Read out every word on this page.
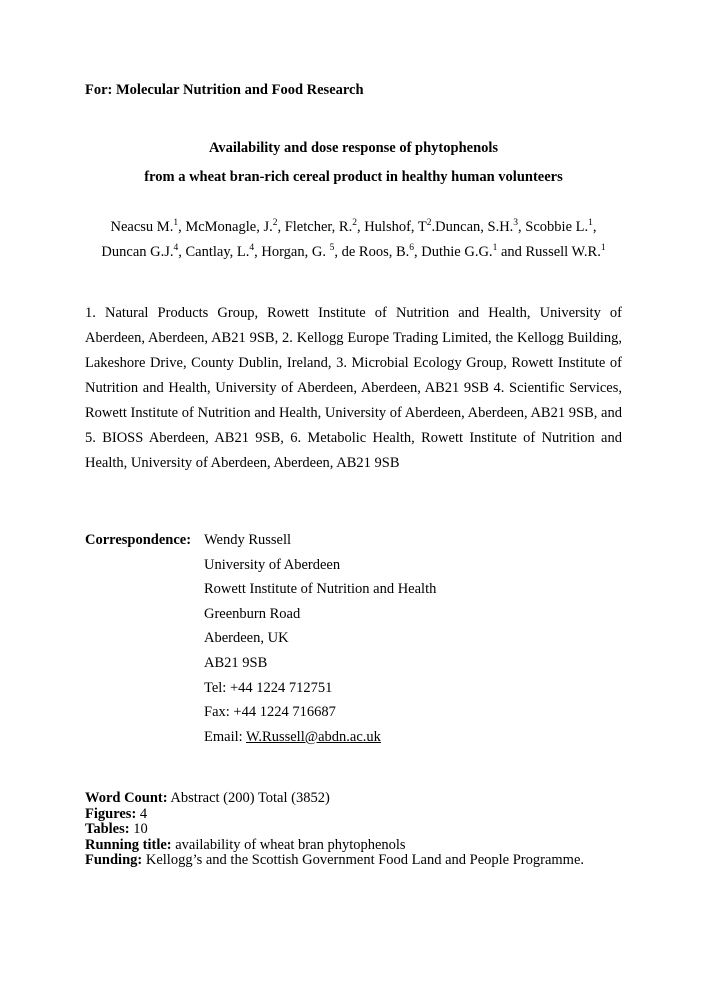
For: Molecular Nutrition and Food Research

Availability and dose response of phytophenols
from a wheat bran-rich cereal product in healthy human volunteers

Neacsu M.$^1$, McMonagle, J.$^2$, Fletcher, R.$^2$, Hulshof, $T^2.Duncan$, S.H.$^3$, Scobbie L.$^1$,
Duncan G.J.$^4$, Cantlay, L.$^4$, Horgan, G. $^5$, de Roos, B.$^6$, Duthie G.G.$^1$ and Russell W.R.$^1$

1. Natural Products Group, Rowett Institute of Nutrition and Health, University of Aberdeen, Aberdeen, AB21 9SB, 2. Kellogg Europe Trading Limited, the Kellogg Building, Lakeshore Drive, County Dublin, Ireland, 3. Microbial Ecology Group, Rowett Institute of Nutrition and Health, University of Aberdeen, Aberdeen, AB21 9SB 4. Scientific Services, Rowett Institute of Nutrition and Health, University of Aberdeen, Aberdeen, AB21 9SB, and 5. BIOSS Aberdeen, AB21 9SB, 6. Metabolic Health, Rowett Institute of Nutrition and Health, University of Aberdeen, Aberdeen, AB21 9SB

Correspondence: Wendy Russell
University of Aberdeen
Rowett Institute of Nutrition and Health
Greenburn Road
Aberdeen, UK
AB21 9SB
Tel: +44 1224 712751
Fax: +44 1224 716687
Email: W.Russell@abdn.ac.uk
Word Count: Abstract (200) Total (3852)
Figures: 4
Tables: 10
Running title: availability of wheat bran phytophenols
Funding: Kellogg’s and the Scottish Government Food Land and People Programme.
